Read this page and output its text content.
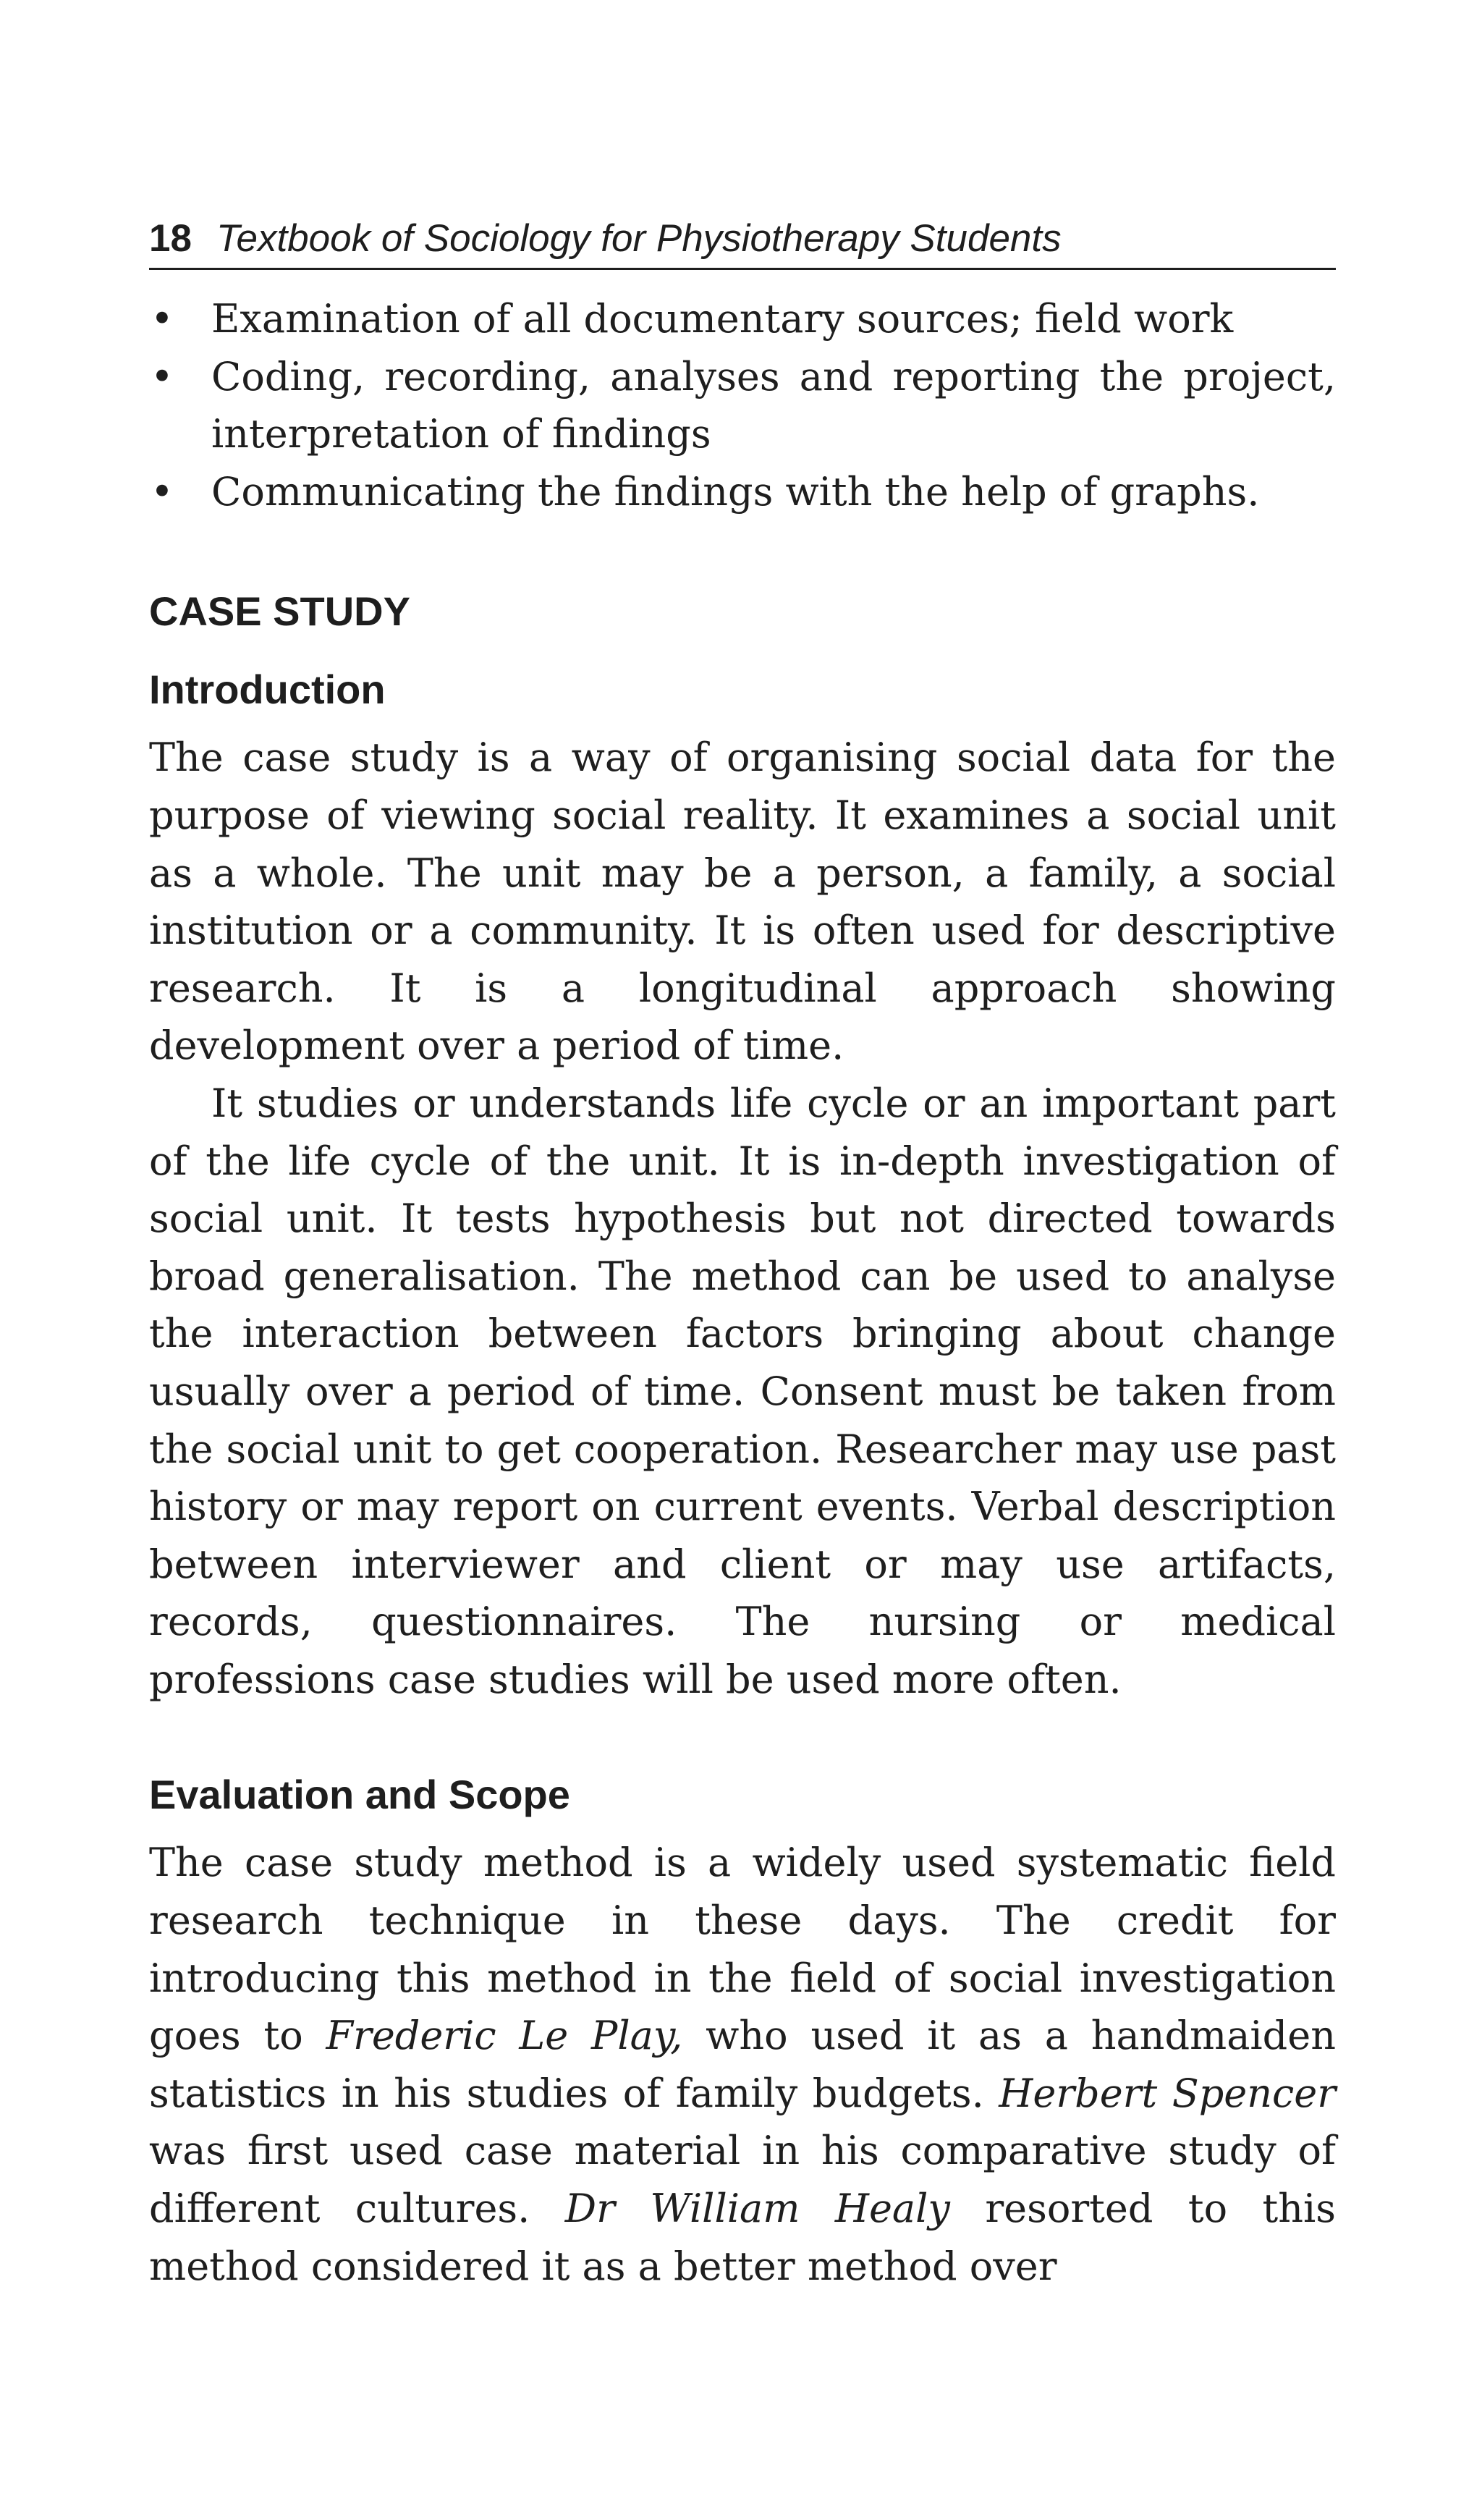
18 Textbook of Sociology for Physiotherapy Students
• Examination of all documentary sources; field work
• Coding, recording, analyses and reporting the project, interpretation of findings
• Communicating the findings with the help of graphs.
CASE STUDY
Introduction

The case study is a way of organising social data for the purpose of viewing social reality. It examines a social unit as a whole. The unit may be a person, a family, a social institution or a community. It is often used for descriptive research. It is a longitudinal approach showing development over a period of time.

It studies or understands life cycle or an important part of the life cycle of the unit. It is in-depth investigation of social unit. It tests hypothesis but not directed towards broad generalisation. The method can be used to analyse the interaction between factors bringing about change usually over a period of time. Consent must be taken from the social unit to get cooperation. Researcher may use past history or may report on current events. Verbal description between interviewer and client or may use artifacts, records, questionnaires. The nursing or medical professions case studies will be used more often.

Evaluation and Scope

The case study method is a widely used systematic field research technique in these days. The credit for introducing this method in the field of social investigation goes to Frederic Le Play, who used it as a handmaiden statistics in his studies of family budgets. Herbert Spencer was first used case material in his comparative study of different cultures. Dr William Healy resorted to this method considered it as a better method over
